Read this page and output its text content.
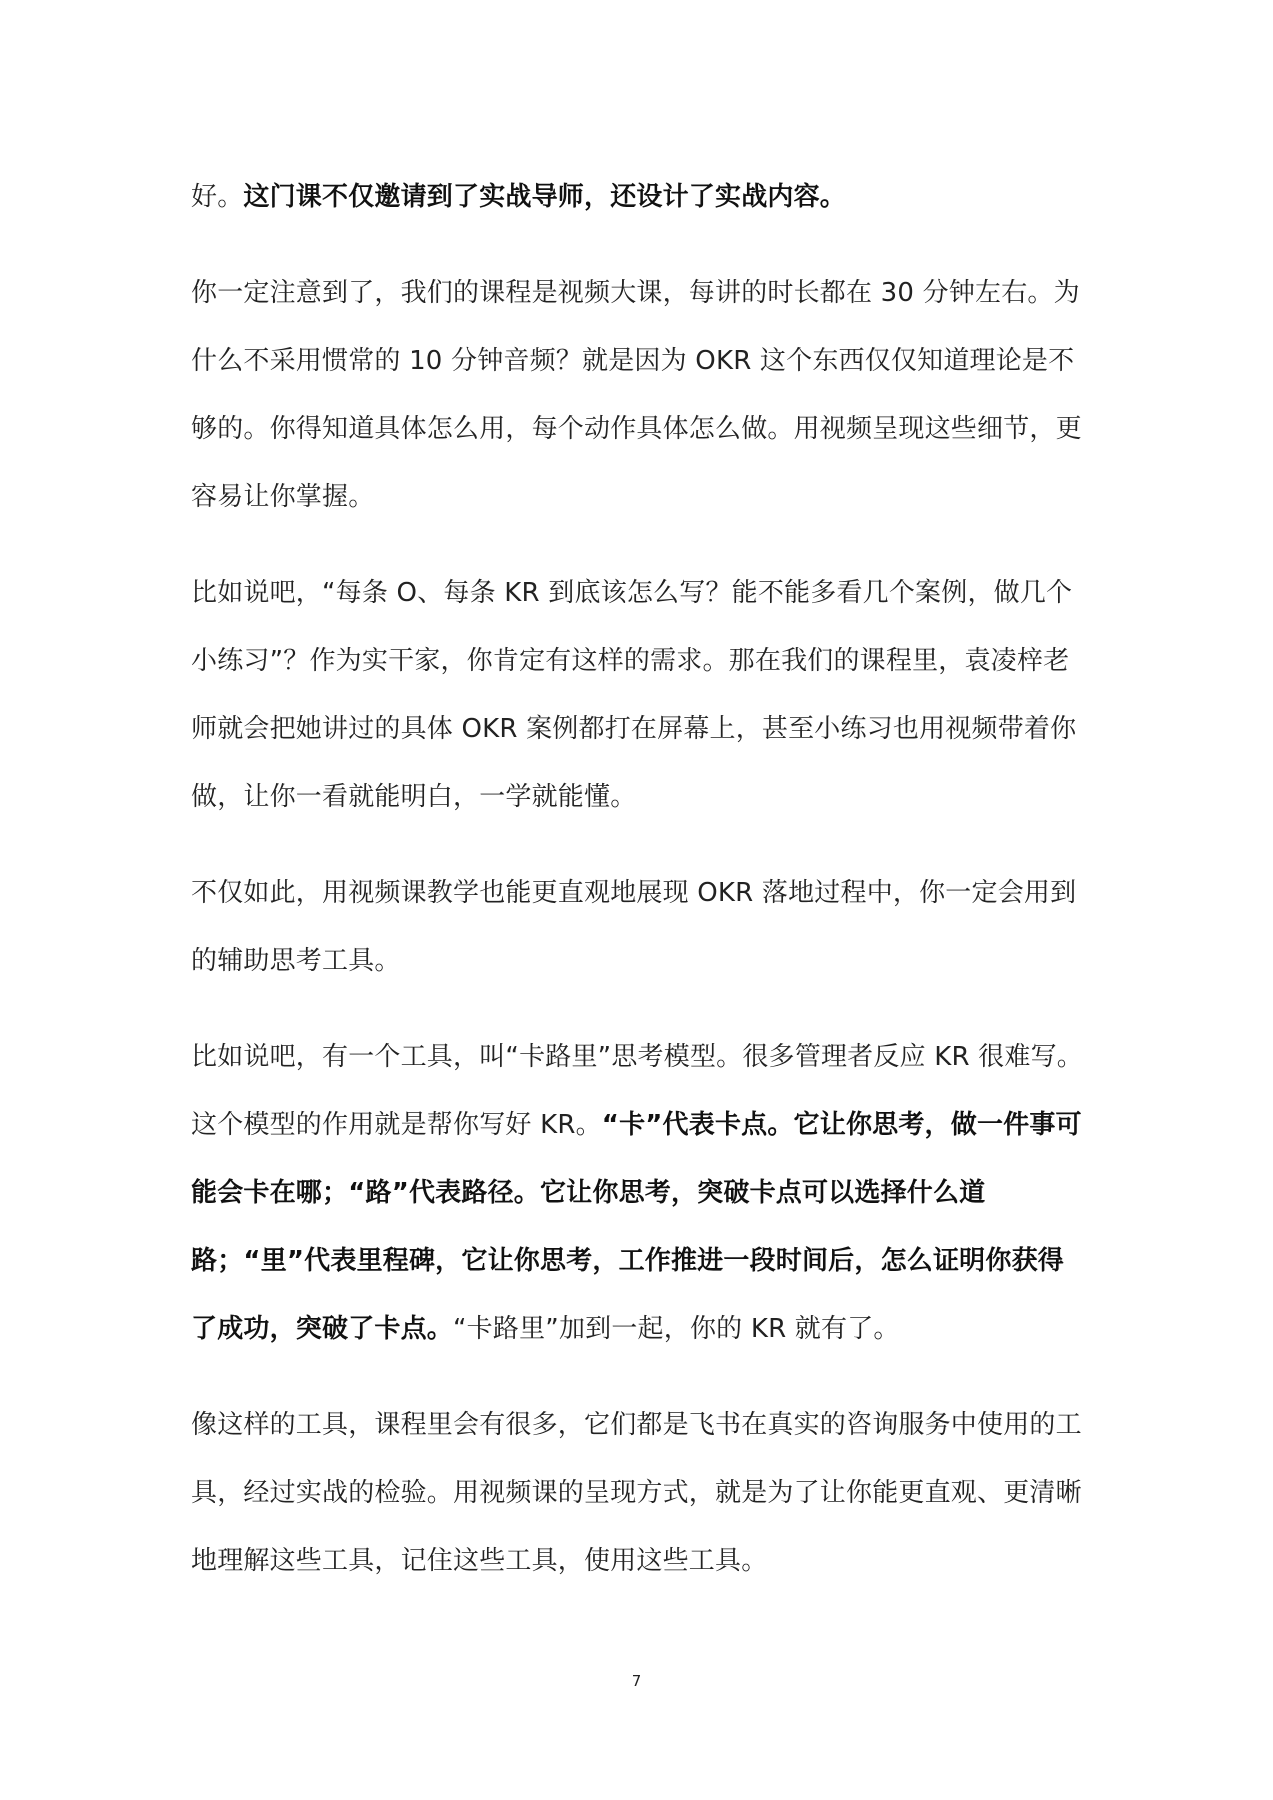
好。这门课不仅邀请到了实战导师，还设计了实战内容。

你一定注意到了，我们的课程是视频大课，每讲的时长都在 30 分钟左右。为什么不采用惯常的 10 分钟音频？就是因为 OKR 这个东西仅仅知道理论是不够的。你得知道具体怎么用，每个动作具体怎么做。用视频呈现这些细节，更容易让你掌握。

比如说吧，“每条 O、每条 KR 到底该怎么写？能不能多看几个案例，做几个小练习”？作为实干家，你肯定有这样的需求。那在我们的课程里，袁凌梓老师就会把她讲过的具体 OKR 案例都打在屏幕上，甚至小练习也用视频带着你做，让你一看就能明白，一学就能懂。

不仅如此，用视频课教学也能更直观地展现 OKR 落地过程中，你一定会用到的辅助思考工具。

比如说吧，有一个工具，叫“卡路里”思考模型。很多管理者反应 KR 很难写。这个模型的作用就是帮你写好 KR。“卡”代表卡点。它让你思考，做一件事可能会卡在哪；“路”代表路径。它让你思考，突破卡点可以选择什么道路；“里”代表里程碑，它让你思考，工作推进一段时间后，怎么证明你获得了成功，突破了卡点。“卡路里”加到一起，你的 KR 就有了。

像这样的工具，课程里会有很多，它们都是飞书在真实的咨询服务中使用的工具，经过实战的检验。用视频课的呈现方式，就是为了让你能更直观、更清晰地理解这些工具，记住这些工具，使用这些工具。

7
